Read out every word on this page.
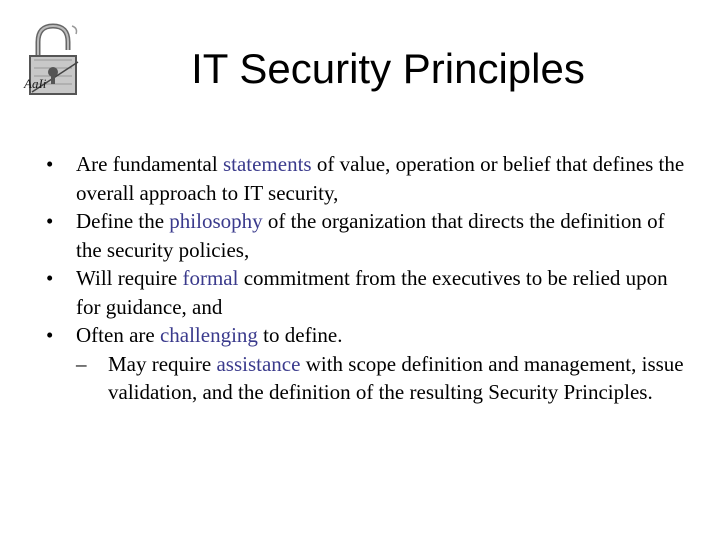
AaIi	IT Security Principles
• Are fundamental statements of value, operation or belief that defines the overall approach to IT security,
• Define the philosophy of the organization that directs the definition of the security policies,
• Will require formal commitment from the executives to be relied upon for guidance, and
• Often are challenging to define.
– May require assistance with scope definition and management, issue validation, and the definition of the resulting Security Principles.
